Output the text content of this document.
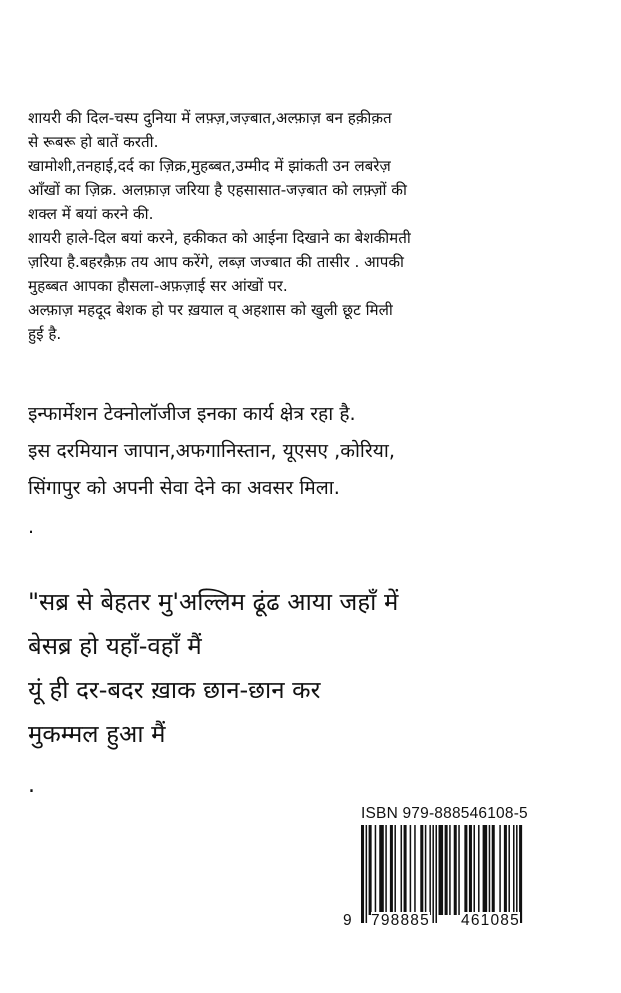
शायरी की दिल-चस्प दुनिया में लफ़्ज़,जज़्बात,अल्फ़ाज़ बन हक़ीक़त

से रूबरू हो बातें करती.

खामोशी,तनहाई,दर्द का ज़िक्र,मुहब्बत,उम्मीद में झांकती उन लबरेज़

आँखों का ज़िक्र. अलफ़ाज़ जरिया है एहसासात-जज़्बात को लफ़्ज़ों की

शक्ल में बयां करने की.

शायरी हाले-दिल बयां करने, हकीकत को आईना दिखाने का बेशकीमती

ज़रिया है.बहरक़ैफ़ तय आप करेंगे, लब्ज़ जज्बात की तासीर . आपकी

मुहब्बत आपका हौसला-अफ़ज़ाई सर आंखों पर.

अल्फ़ाज़ महदूद बेशक हो पर ख़याल व् अहशास को खुली छूट मिली

हुई है.

इन्फार्मेशन टेक्नोलॉजीज इनका कार्य क्षेत्र रहा है.

इस दरमियान जापान,अफगानिस्तान, यूएसए ,कोरिया,

सिंगापुर को अपनी सेवा देने का अवसर मिला.

.

"सब्र से बेहतर मु'अल्लिम ढूंढ आया जहाँ में

बेसब्र हो यहाँ-वहाँ मैं

यूं ही दर-बदर ख़ाक छान-छान कर

मुकम्मल हुआ मैं

.
ISBN 979-888546108-5
9 798885 461085
